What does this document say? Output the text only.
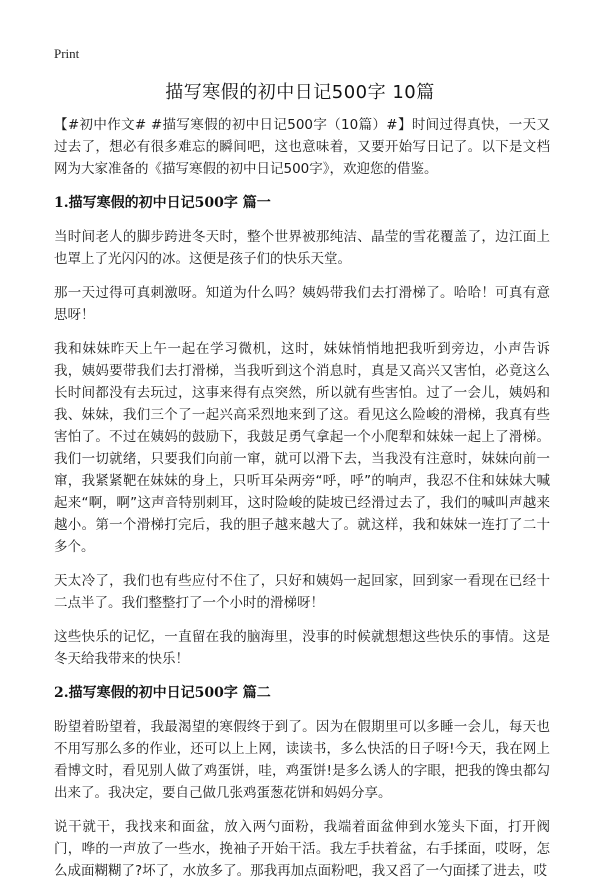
Print
描写寒假的初中日记500字 10篇

【#初中作文# #描写寒假的初中日记500字（10篇）#】时间过得真快，一天又过去了，想必有很多难忘的瞬间吧，这也意味着，又要开始写日记了。以下是文档网为大家准备的《描写寒假的初中日记500字》，欢迎您的借鉴。

1.描写寒假的初中日记500字 篇一

当时间老人的脚步跨进冬天时，整个世界被那纯洁、晶莹的雪花覆盖了，边江面上也罩上了光闪闪的冰。这便是孩子们的快乐天堂。

那一天过得可真刺激呀。知道为什么吗？姨妈带我们去打滑梯了。哈哈！可真有意思呀！

我和妹妹昨天上午一起在学习微机，这时，妹妹悄悄地把我听到旁边，小声告诉我，姨妈要带我们去打滑梯，当我听到这个消息时，真是又高兴又害怕，必竟这么长时间都没有去玩过，这事来得有点突然，所以就有些害怕。过了一会儿，姨妈和我、妹妹，我们三个了一起兴高采烈地来到了这。看见这么险峻的滑梯，我真有些害怕了。不过在姨妈的鼓励下，我鼓足勇气拿起一个小爬犁和妹妹一起上了滑梯。我们一切就绪，只要我们向前一窜，就可以滑下去，当我没有注意时，妹妹向前一窜，我紧紧靶在妹妹的身上，只听耳朵两旁“呼，呼”的响声，我忍不住和妹妹大喊起来“啊，啊”这声音特别刺耳，这时险峻的陡坡已经滑过去了，我们的喊叫声越来越小。第一个滑梯打完后，我的胆子越来越大了。就这样，我和妹妹一连打了二十多个。

天太冷了，我们也有些应付不住了，只好和姨妈一起回家，回到家一看现在已经十二点半了。我们整整打了一个小时的滑梯呀！

这些快乐的记忆，一直留在我的脑海里，没事的时候就想想这些快乐的事情。这是冬天给我带来的快乐！

2.描写寒假的初中日记500字 篇二

盼望着盼望着，我最渴望的寒假终于到了。因为在假期里可以多睡一会儿，每天也不用写那么多的作业，还可以上上网，读读书，多么快活的日子呀!今天，我在网上看博文时，看见别人做了鸡蛋饼，哇，鸡蛋饼!是多么诱人的字眼，把我的馋虫都勾出来了。我决定，要自己做几张鸡蛋葱花饼和妈妈分享。

说干就干，我找来和面盆，放入两勺面粉，我端着面盆伸到水笼头下面，打开阀门，哗的一声放了一些水，挽袖子开始干活。我左手扶着盆，右手揉面，哎呀，怎么成面糊糊了?坏了，水放多了。那我再加点面粉吧，我又舀了一勺面揉了进去，哎
